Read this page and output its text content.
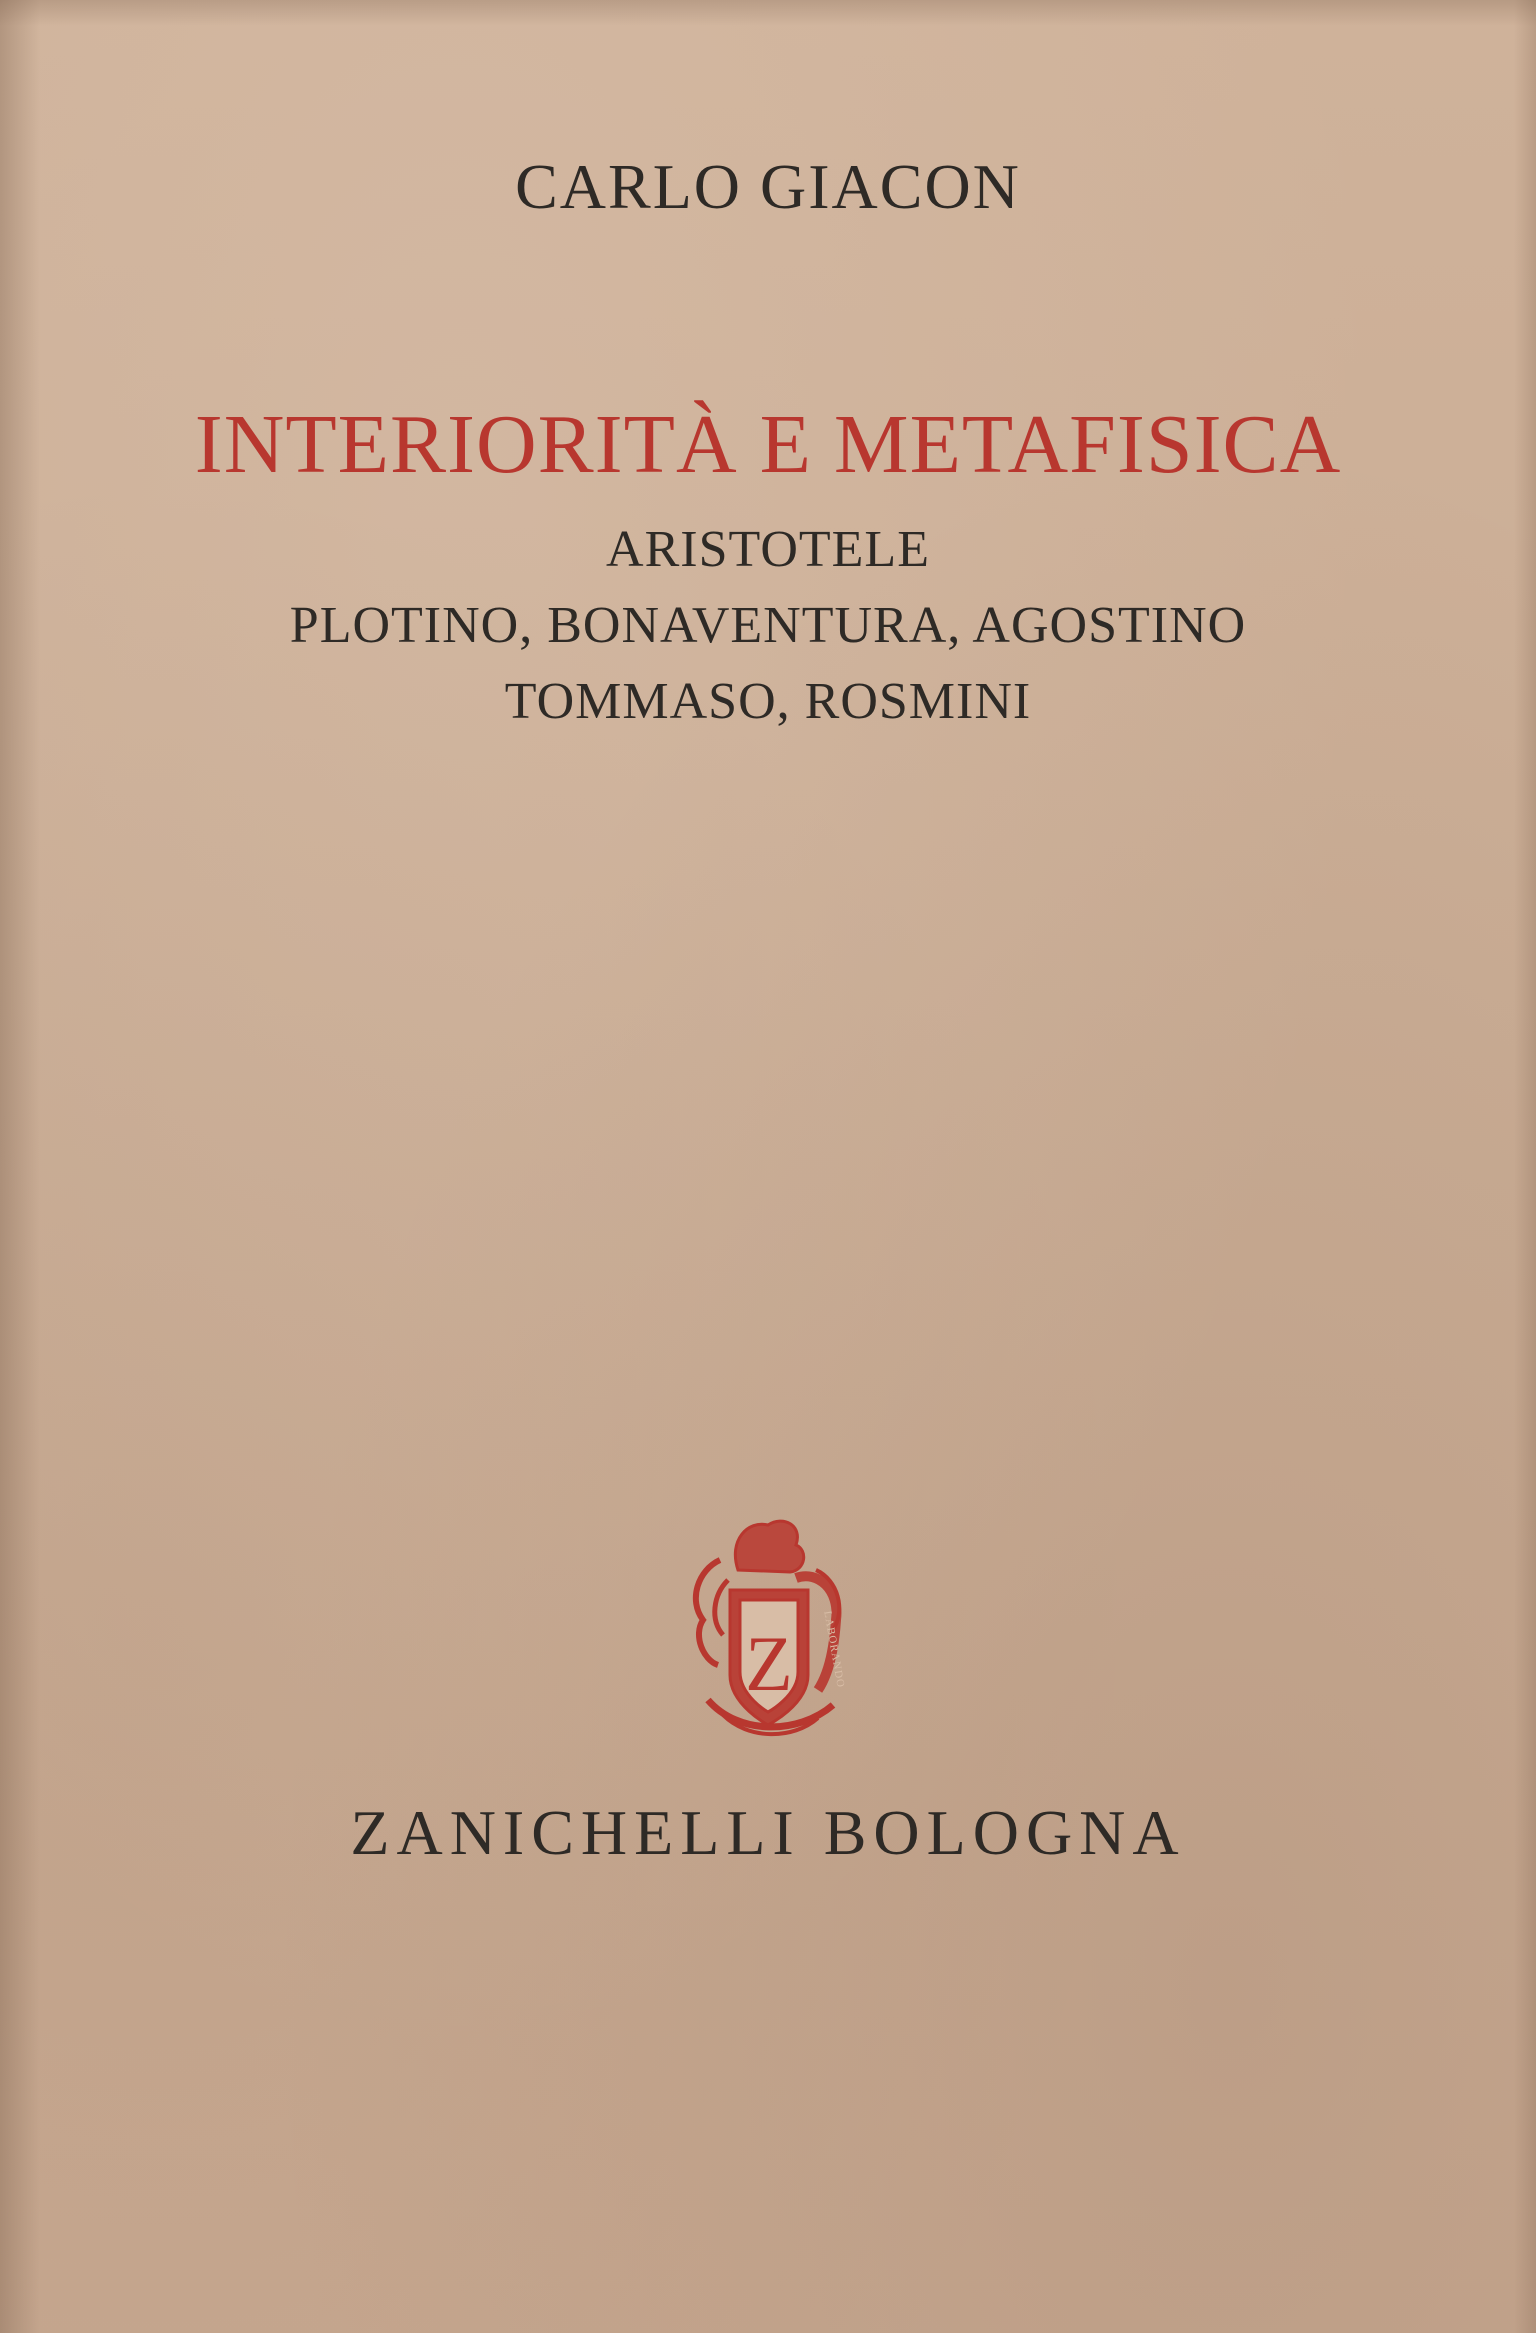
CARLO GIACON
INTERIORITÀ E METAFISICA
ARISTOTELE
PLOTINO, BONAVENTURA, AGOSTINO
TOMMASO, ROSMINI
Z	LABORANDO
ZANICHELLI BOLOGNA
